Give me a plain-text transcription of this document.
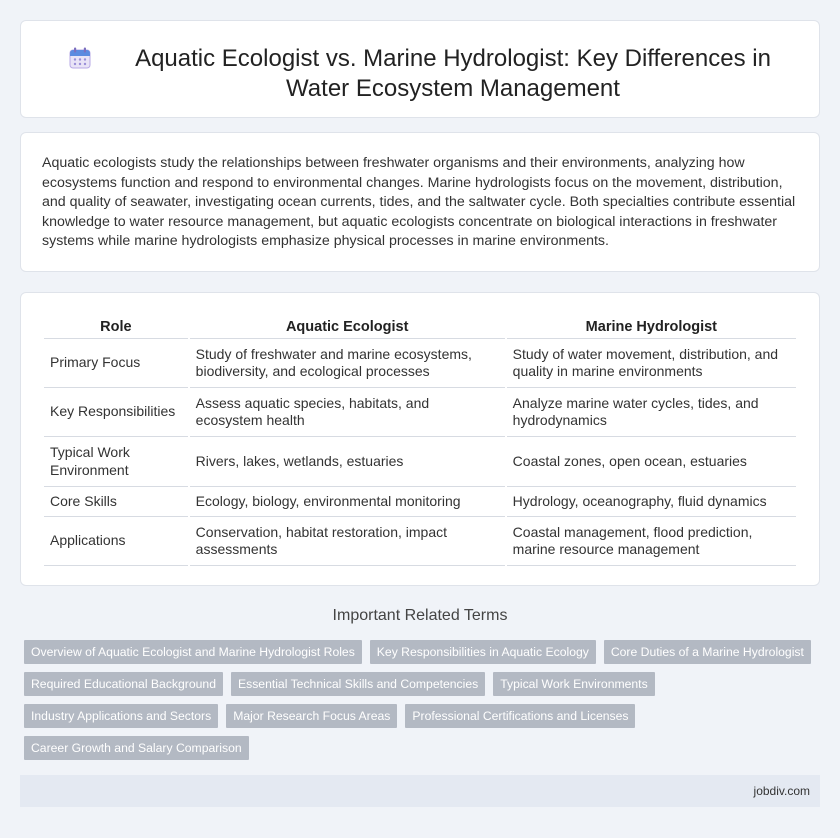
Aquatic Ecologist vs. Marine Hydrologist: Key Differences in Water Ecosystem Management

Aquatic ecologists study the relationships between freshwater organisms and their environments, analyzing how ecosystems function and respond to environmental changes. Marine hydrologists focus on the movement, distribution, and quality of seawater, investigating ocean currents, tides, and the saltwater cycle. Both specialties contribute essential knowledge to water resource management, but aquatic ecologists concentrate on biological interactions in freshwater systems while marine hydrologists emphasize physical processes in marine environments.

Role	Aquatic Ecologist	Marine Hydrologist
Primary Focus	Study of freshwater and marine ecosystems, biodiversity, and ecological processes	Study of water movement, distribution, and quality in marine environments
Key Responsibilities	Assess aquatic species, habitats, and ecosystem health	Analyze marine water cycles, tides, and hydrodynamics
Typical Work Environment	Rivers, lakes, wetlands, estuaries	Coastal zones, open ocean, estuaries
Core Skills	Ecology, biology, environmental monitoring	Hydrology, oceanography, fluid dynamics
Applications	Conservation, habitat restoration, impact assessments	Coastal management, flood prediction, marine resource management
Important Related Terms
Overview of Aquatic Ecologist and Marine Hydrologist Roles	Key Responsibilities in Aquatic Ecology	Core Duties of a Marine Hydrologist
Required Educational Background	Essential Technical Skills and Competencies	Typical Work Environments
Industry Applications and Sectors	Major Research Focus Areas	Professional Certifications and Licenses
Career Growth and Salary Comparison
jobdiv.com
